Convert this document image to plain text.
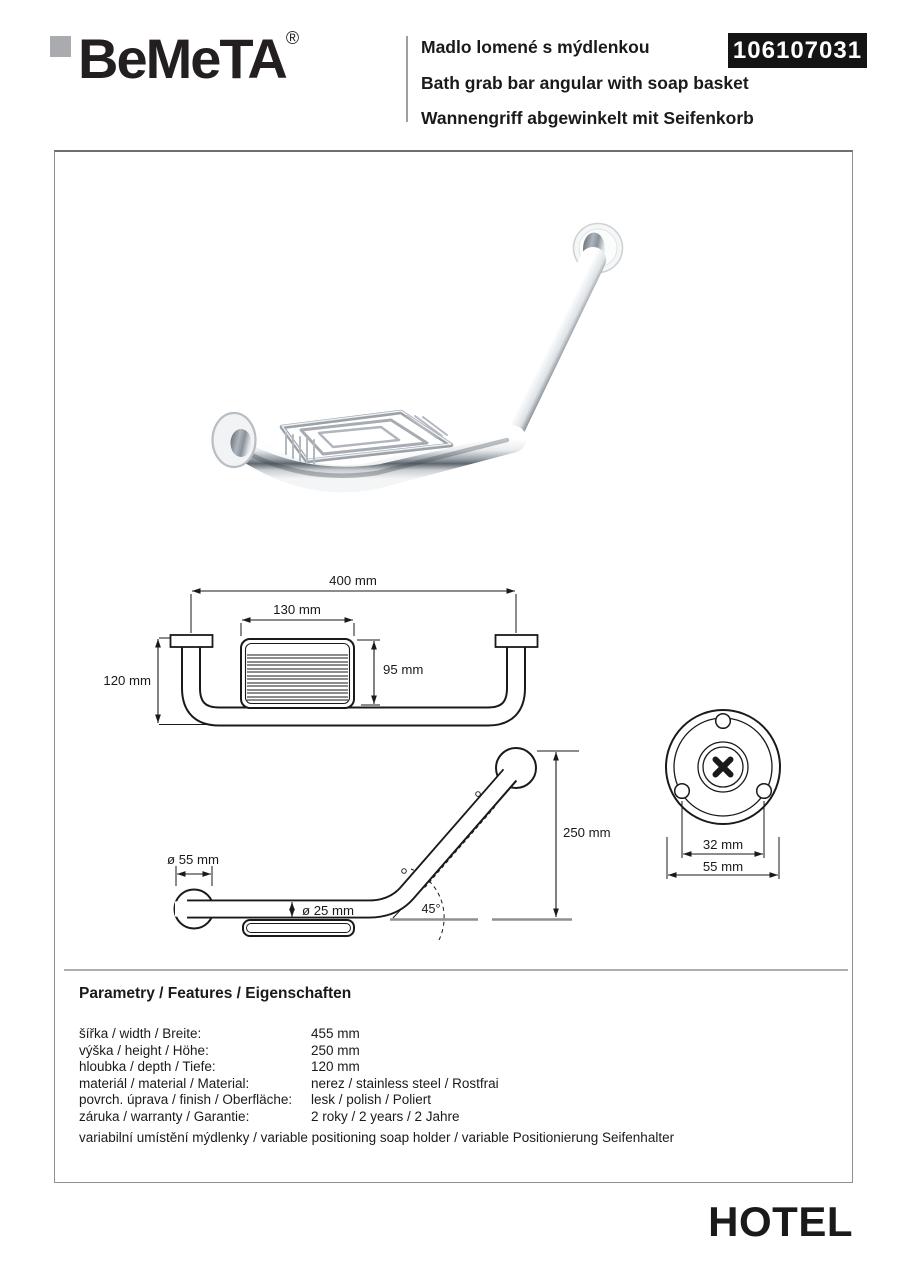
BeMeTA®	Madlo lomené s mýdlenkou
Bath grab bar angular with soap basket
Wannengriff abgewinkelt mit Seifenkorb
106107031
400 mm
130 mm
120 mm
95 mm
ø 55 mm
ø 25 mm	45°
250 mm
32 mm
55 mm
Parametry / Features / Eigenschaften
šířka / width / Breite:	455 mm
výška / height / Höhe:	250 mm
hloubka / depth / Tiefe:	120 mm
materiál / material / Material:	nerez / stainless steel / Rostfrai
povrch. úprava / finish / Oberfläche:	lesk / polish / Poliert
záruka / warranty / Garantie:	2 roky / 2 years / 2 Jahre
variabilní umístění mýdlenky / variable positioning soap holder / variable Positionierung Seifenhalter
HOTEL
